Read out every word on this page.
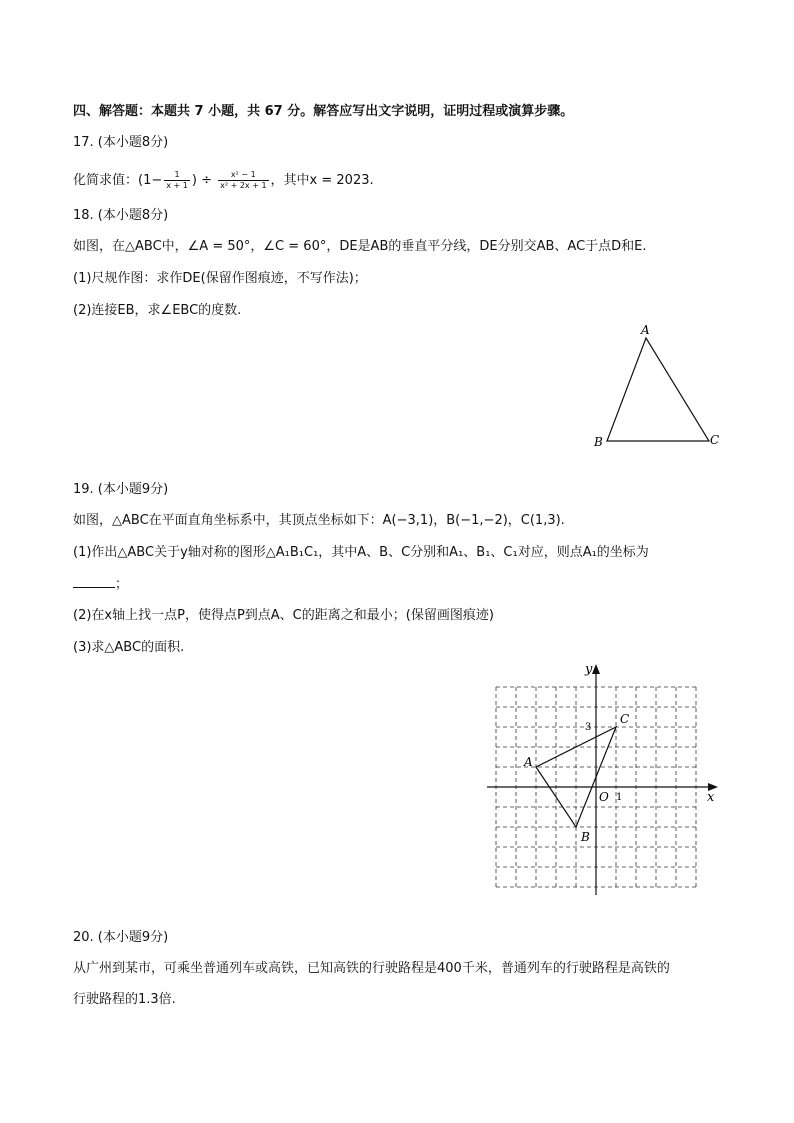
四、解答题：本题共 7 小题，共 67 分。解答应写出文字说明，证明过程或演算步骤。
17. (本小题8分)
化简求值：($1- \frac{1}{x + 1}$ ) ÷ $\frac{\text{x² − 1}}{\text{x² + 2x + 1}}$ ，其中x = 2023.
18. (本小题8分)
如图，在△ABC中，∠A = 50°，∠C = 60°，DE是AB的垂直平分线，DE分别交AB、AC于点D和E.
(1)尺规作图：求作DE(保留作图痕迹，不写作法)；
(2)连接EB，求∠EBC的度数.
A
B	C
19. (本小题9分)
如图，△ABC在平面直角坐标系中，其顶点坐标如下：A(−3,1)，B(−1,−2)，C(1,3).
(1)作出△ABC关于y轴对称的图形△A₁B₁C₁，其中A、B、C分别和A₁、B₁、C₁对应，则点A₁的坐标为
；
(2)在x轴上找一点P，使得点P到点A、C的距离之和最小；(保留画图痕迹)
(3)求△ABC的面积.
x
y
O 1
3
A
B
C
20. (本小题9分)
从广州到某市，可乘坐普通列车或高铁，已知高铁的行驶路程是400千米，普通列车的行驶路程是高铁的
行驶路程的1.3倍.
